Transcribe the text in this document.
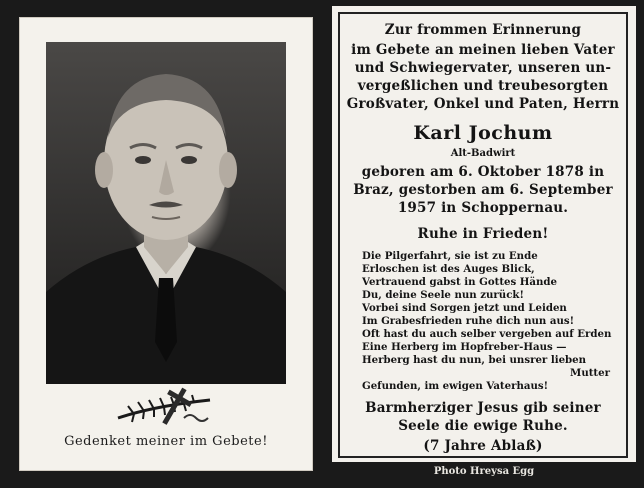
Gedenket meiner im Gebete!
Zur frommen Erinnerung
im Gebete an meinen lieben Vater
und Schwiegervater, unseren un-
vergeßlichen und treubesorgten
Großvater, Onkel und Paten, Herrn
Karl Jochum
Alt-Badwirt
geboren am 6. Oktober 1878 in
Braz, gestorben am 6. September
1957 in Schoppernau.
Ruhe in Frieden!
Die Pilgerfahrt, sie ist zu Ende
Erloschen ist des Auges Blick,
Vertrauend gabst in Gottes Hände
Du, deine Seele nun zurück!
Vorbei sind Sorgen jetzt und Leiden
Im Grabesfrieden ruhe dich nun aus!
Oft hast du auch selber vergeben auf Erden
Eine Herberg im Hopfreber-Haus —
Herberg hast du nun, bei unsrer lieben
Mutter
Gefunden, im ewigen Vaterhaus!
Barmherziger Jesus gib seiner
Seele die ewige Ruhe.
(7 Jahre Ablaß)
Photo Hreysa Egg
